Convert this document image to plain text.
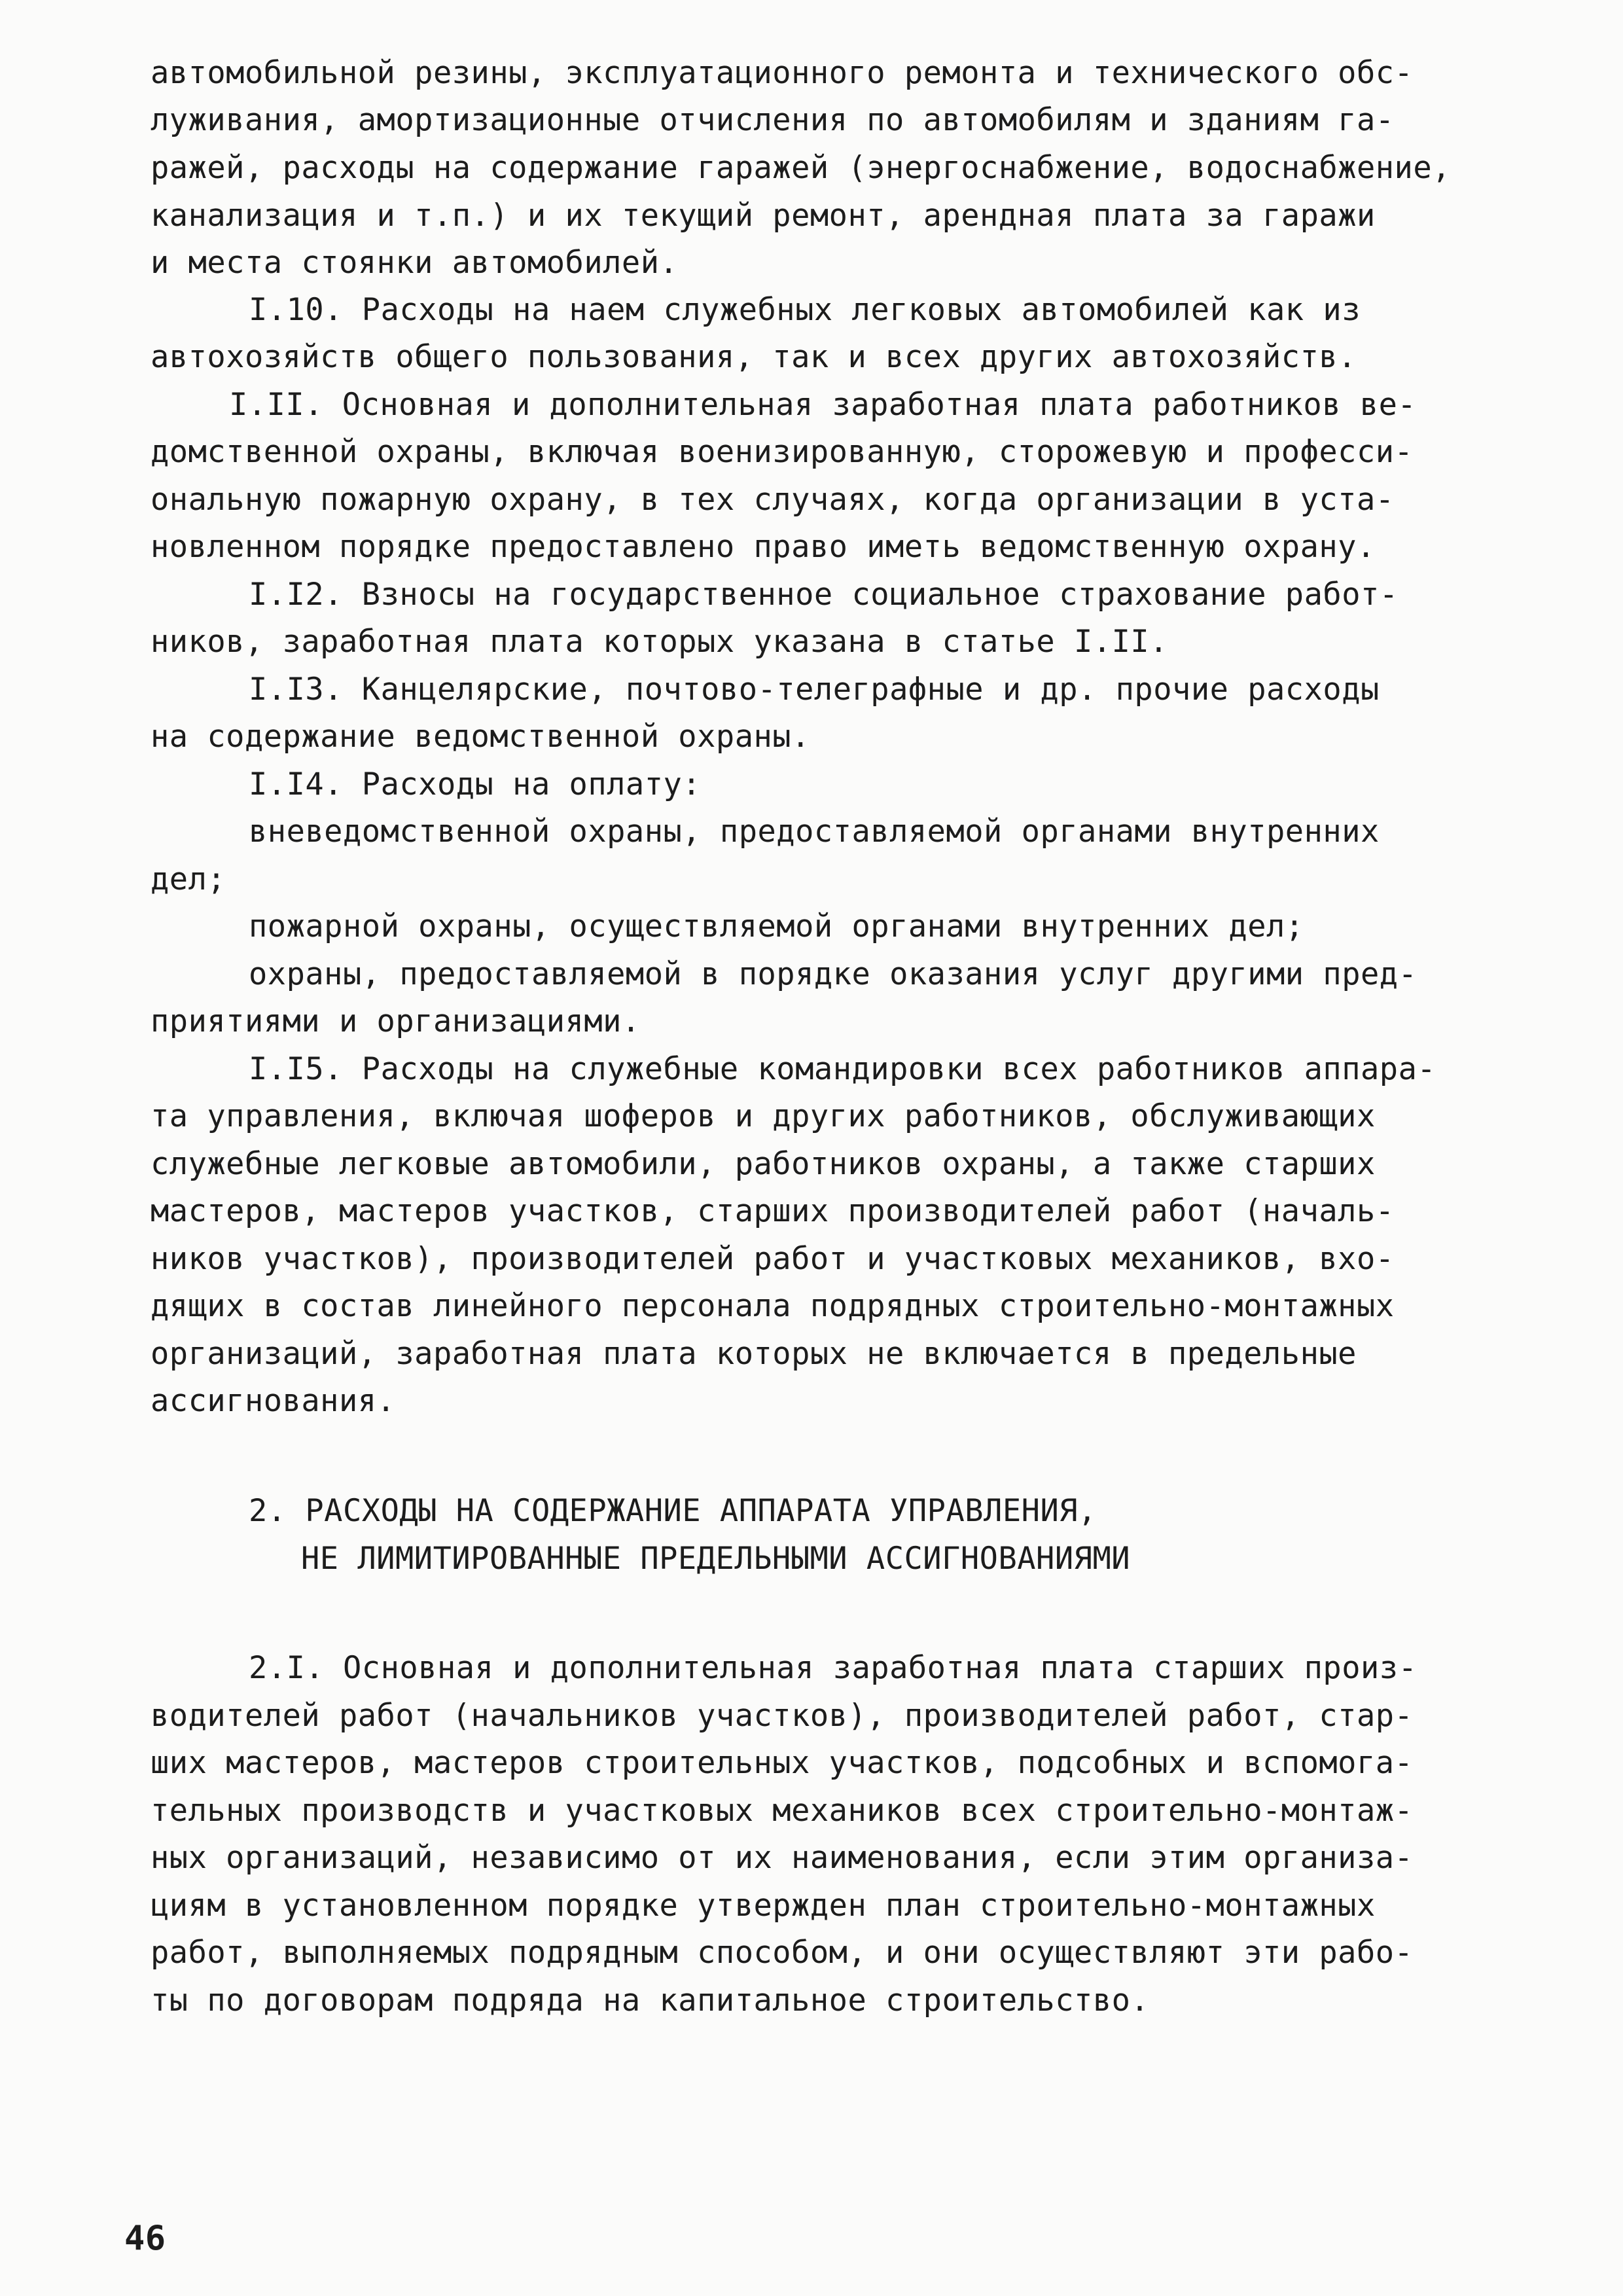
автомобильной резины, эксплуатационного ремонта и технического обс-
луживания, амортизационные отчисления по автомобилям и зданиям га-
ражей, расходы на содержание гаражей (энергоснабжение, водоснабжение,
канализация и т.п.) и их текущий ремонт, арендная плата за гаражи
и места стоянки автомобилей.
I.10. Расходы на наем служебных легковых автомобилей как из
автохозяйств общего пользования, так и всех других автохозяйств.
I.II. Основная и дополнительная заработная плата работников ве-
домственной охраны, включая военизированную, сторожевую и професси-
ональную пожарную охрану, в тех случаях, когда организации в уста-
новленном порядке предоставлено право иметь ведомственную охрану.
I.I2. Взносы на государственное социальное страхование работ-
ников, заработная плата которых указана в статье I.II.
I.I3. Канцелярские, почтово-телеграфные и др. прочие расходы
на содержание ведомственной охраны.
I.I4. Расходы на оплату:
вневедомственной охраны, предоставляемой органами внутренних
дел;
пожарной охраны, осуществляемой органами внутренних дел;
охраны, предоставляемой в порядке оказания услуг другими пред-
приятиями и организациями.
I.I5. Расходы на служебные командировки всех работников аппара-
та управления, включая шоферов и других работников, обслуживающих
служебные легковые автомобили, работников охраны, а также старших
мастеров, мастеров участков, старших производителей работ (началь-
ников участков), производителей работ и участковых механиков, вхо-
дящих в состав линейного персонала подрядных строительно-монтажных
организаций, заработная плата которых не включается в предельные
ассигнования.
2. РАСХОДЫ НА СОДЕРЖАНИЕ АППАРАТА УПРАВЛЕНИЯ,
НЕ ЛИМИТИРОВАННЫЕ ПРЕДЕЛЬНЫМИ АССИГНОВАНИЯМИ
2.I. Основная и дополнительная заработная плата старших произ-
водителей работ (начальников участков), производителей работ, стар-
ших мастеров, мастеров строительных участков, подсобных и вспомога-
тельных производств и участковых механиков всех строительно-монтаж-
ных организаций, независимо от их наименования, если этим организа-
циям в установленном порядке утвержден план строительно-монтажных
работ, выполняемых подрядным способом, и они осуществляют эти рабо-
ты по договорам подряда на капитальное строительство.
46
